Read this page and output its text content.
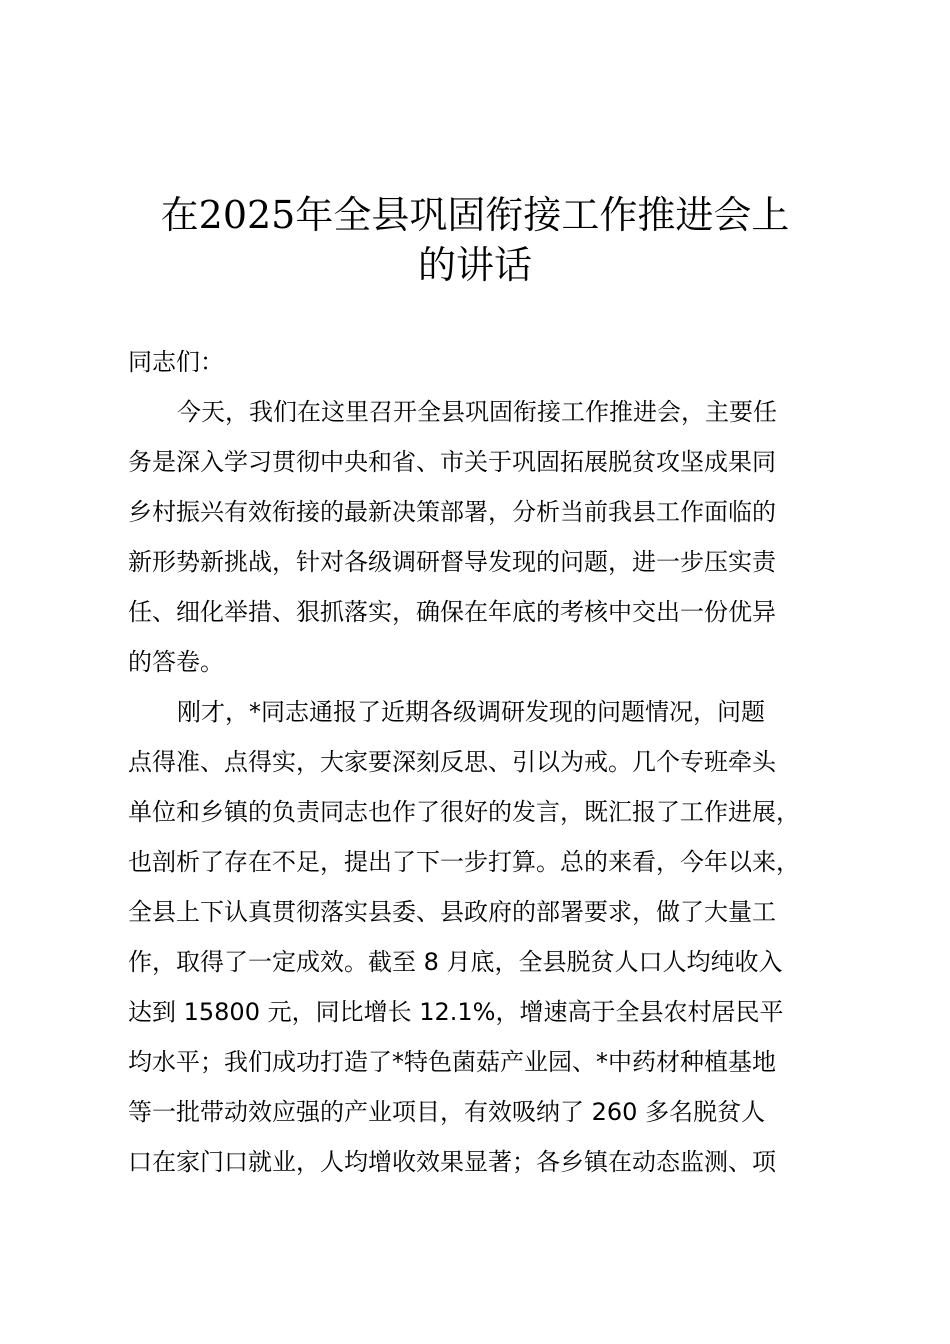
在2025年全县巩固衔接工作推进会上
的讲话
同志们：
今天，我们在这里召开全县巩固衔接工作推进会，主要任
务是深入学习贯彻中央和省、市关于巩固拓展脱贫攻坚成果同
乡村振兴有效衔接的最新决策部署，分析当前我县工作面临的
新形势新挑战，针对各级调研督导发现的问题，进一步压实责
任、细化举措、狠抓落实，确保在年底的考核中交出一份优异
的答卷。
刚才，*同志通报了近期各级调研发现的问题情况，问题
点得准、点得实，大家要深刻反思、引以为戒。几个专班牵头
单位和乡镇的负责同志也作了很好的发言，既汇报了工作进展，
也剖析了存在不足，提出了下一步打算。总的来看，今年以来，
全县上下认真贯彻落实县委、县政府的部署要求，做了大量工
作，取得了一定成效。截至 8 月底，全县脱贫人口人均纯收入
达到 15800 元，同比增长 12.1%，增速高于全县农村居民平
均水平；我们成功打造了*特色菌菇产业园、*中药材种植基地
等一批带动效应强的产业项目，有效吸纳了 260 多名脱贫人
口在家门口就业，人均增收效果显著；各乡镇在动态监测、项
